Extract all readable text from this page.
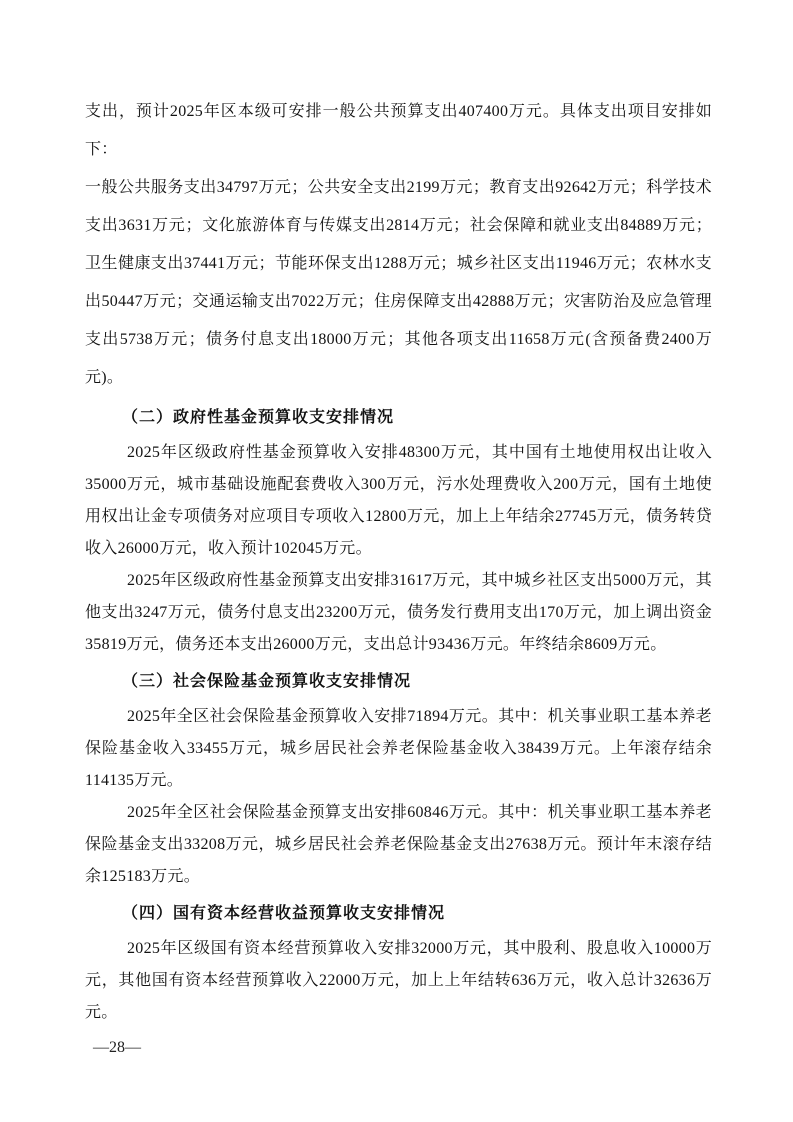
支出，预计2025年区本级可安排一般公共预算支出407400万元。具体支出项目安排如下：

一般公共服务支出34797万元；公共安全支出2199万元；教育支出92642万元；科学技术支出3631万元；文化旅游体育与传媒支出2814万元；社会保障和就业支出84889万元；卫生健康支出37441万元；节能环保支出1288万元；城乡社区支出11946万元；农林水支出50447万元；交通运输支出7022万元；住房保障支出42888万元；灾害防治及应急管理支出5738万元；债务付息支出18000万元；其他各项支出11658万元(含预备费2400万元)。

（二）政府性基金预算收支安排情况

2025年区级政府性基金预算收入安排48300万元，其中国有土地使用权出让收入35000万元，城市基础设施配套费收入300万元，污水处理费收入200万元，国有土地使用权出让金专项债务对应项目专项收入12800万元，加上上年结余27745万元，债务转贷收入26000万元，收入预计102045万元。

2025年区级政府性基金预算支出安排31617万元，其中城乡社区支出5000万元，其他支出3247万元，债务付息支出23200万元，债务发行费用支出170万元，加上调出资金35819万元，债务还本支出26000万元，支出总计93436万元。年终结余8609万元。

（三）社会保险基金预算收支安排情况

2025年全区社会保险基金预算收入安排71894万元。其中：机关事业职工基本养老保险基金收入33455万元，城乡居民社会养老保险基金收入38439万元。上年滚存结余114135万元。

2025年全区社会保险基金预算支出安排60846万元。其中：机关事业职工基本养老保险基金支出33208万元，城乡居民社会养老保险基金支出27638万元。预计年末滚存结余125183万元。

（四）国有资本经营收益预算收支安排情况

2025年区级国有资本经营预算收入安排32000万元，其中股利、股息收入10000万元，其他国有资本经营预算收入22000万元，加上上年结转636万元，收入总计32636万元。

—28—
